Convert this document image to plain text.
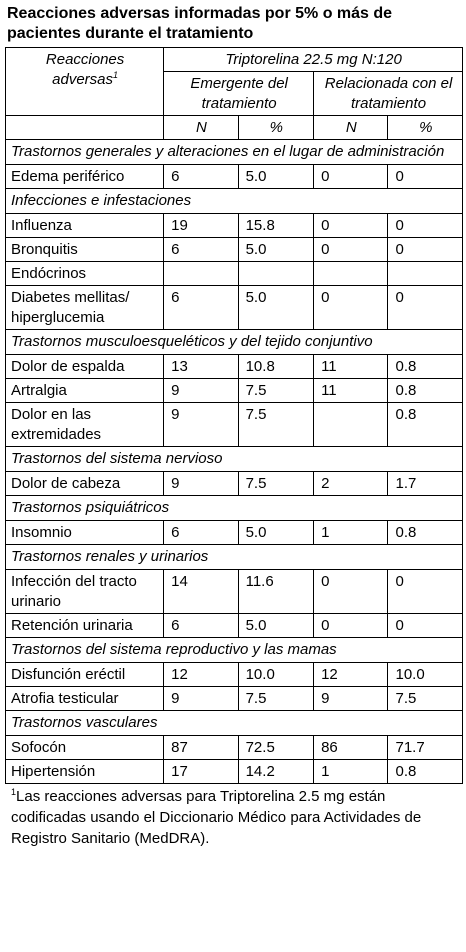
Reacciones adversas informadas por 5% o más de pacientes durante el tratamiento
Reacciones adversas$^1$	Triptorelina 22.5 mg N:120			
	Emergente del tratamiento		Relacionada con el tratamiento	
	N	%	N	%
Trastornos generales y alteraciones en el lugar de administración				
Edema periférico	6	5.0	0	0
Infecciones e infestaciones				
Influenza	19	15.8	0	0
Bronquitis	6	5.0	0	0
Endócrinos				
Diabetes mellitas/ hiperglucemia	6	5.0	0	0
Trastornos musculoesqueléticos y del tejido conjuntivo				
Dolor de espalda	13	10.8	11	0.8
Artralgia	9	7.5	11	0.8
Dolor en las extremidades	9	7.5		0.8
Trastornos del sistema nervioso				
Dolor de cabeza	9	7.5	2	1.7
Trastornos psiquiátricos				
Insomnio	6	5.0	1	0.8
Trastornos renales y urinarios				
Infección del tracto urinario	14	11.6	0	0
Retención urinaria	6	5.0	0	0
Trastornos del sistema reproductivo y las mamas				
Disfunción eréctil	12	10.0	12	10.0
Atrofia testicular	9	7.5	9	7.5
Trastornos vasculares				
Sofocón	87	72.5	86	71.7
Hipertensión	17	14.2	1	0.8
$^1$Las reacciones adversas para Triptorelina 2.5 mg están codificadas usando el Diccionario Médico para Actividades de Registro Sanitario (MedDRA).
